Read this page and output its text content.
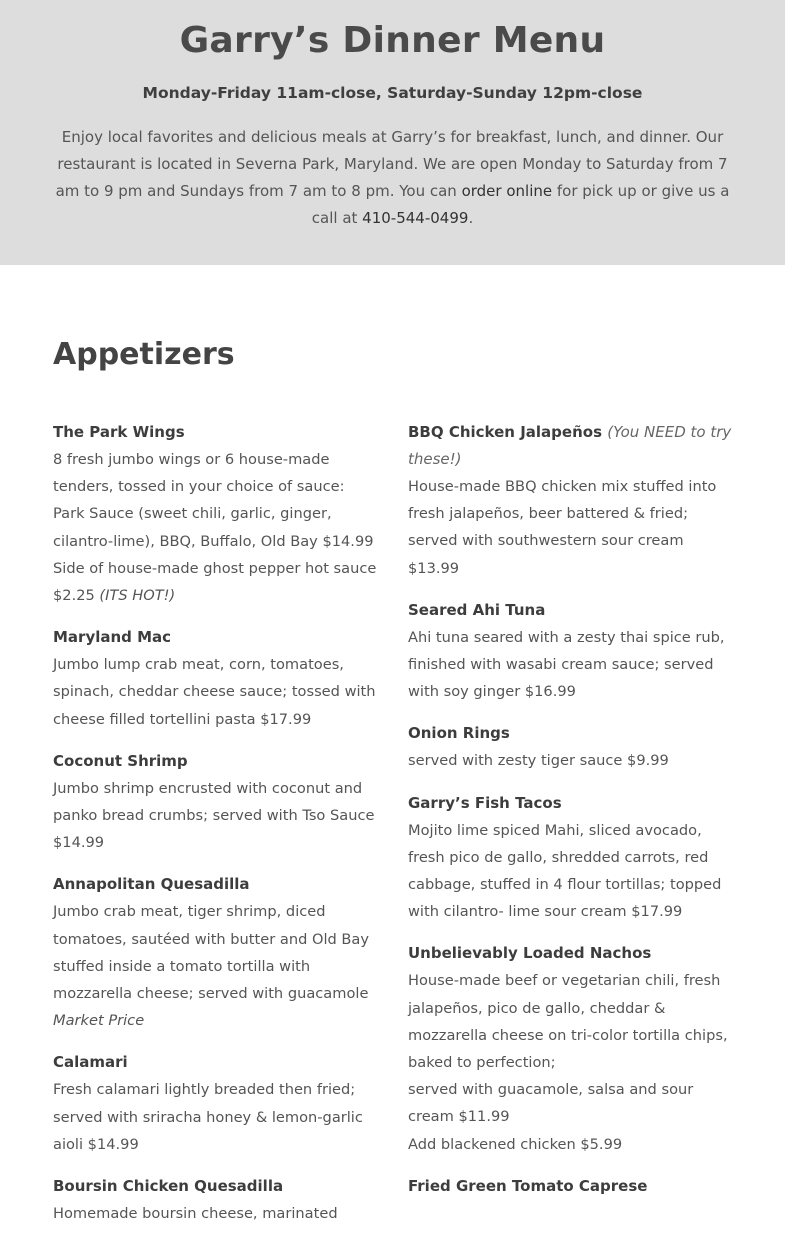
Garry’s Dinner Menu

Monday-Friday 11am-close, Saturday-Sunday 12pm-close

Enjoy local favorites and delicious meals at Garry’s for breakfast, lunch, and dinner. Our restaurant is located in Severna Park, Maryland. We are open Monday to Saturday from 7 am to 9 pm and Sundays from 7 am to 8 pm. You can order online for pick up or give us a call at 410-544-0499.

Appetizers
The Park Wings
8 fresh jumbo wings or 6 house-made tenders, tossed in your choice of sauce: Park Sauce (sweet chili, garlic, ginger, cilantro-lime), BBQ, Buffalo, Old Bay $14.99
Side of house-made ghost pepper hot sauce $2.25 (ITS HOT!)
Maryland Mac
Jumbo lump crab meat, corn, tomatoes, spinach, cheddar cheese sauce; tossed with cheese filled tortellini pasta $17.99
Coconut Shrimp
Jumbo shrimp encrusted with coconut and panko bread crumbs; served with Tso Sauce $14.99
Annapolitan Quesadilla
Jumbo crab meat, tiger shrimp, diced tomatoes, sautéed with butter and Old Bay stuffed inside a tomato tortilla with mozzarella cheese; served with guacamole Market Price
Calamari
Fresh calamari lightly breaded then fried; served with sriracha honey & lemon-garlic aioli $14.99
Boursin Chicken Quesadilla
Homemade boursin cheese, marinated
BBQ Chicken Jalapeños (You NEED to try these!)
House-made BBQ chicken mix stuffed into fresh jalapeños, beer battered & fried;
served with southwestern sour cream $13.99
Seared Ahi Tuna
Ahi tuna seared with a zesty thai spice rub, finished with wasabi cream sauce; served with soy ginger $16.99
Onion Rings
served with zesty tiger sauce $9.99
Garry’s Fish Tacos
Mojito lime spiced Mahi, sliced avocado, fresh pico de gallo, shredded carrots, red cabbage, stuffed in 4 flour tortillas; topped with cilantro- lime sour cream $17.99
Unbelievably Loaded Nachos
House-made beef or vegetarian chili, fresh jalapeños, pico de gallo, cheddar & mozzarella cheese on tri-color tortilla chips, baked to perfection;
served with guacamole, salsa and sour cream $11.99
Add blackened chicken $5.99
Fried Green Tomato Caprese
